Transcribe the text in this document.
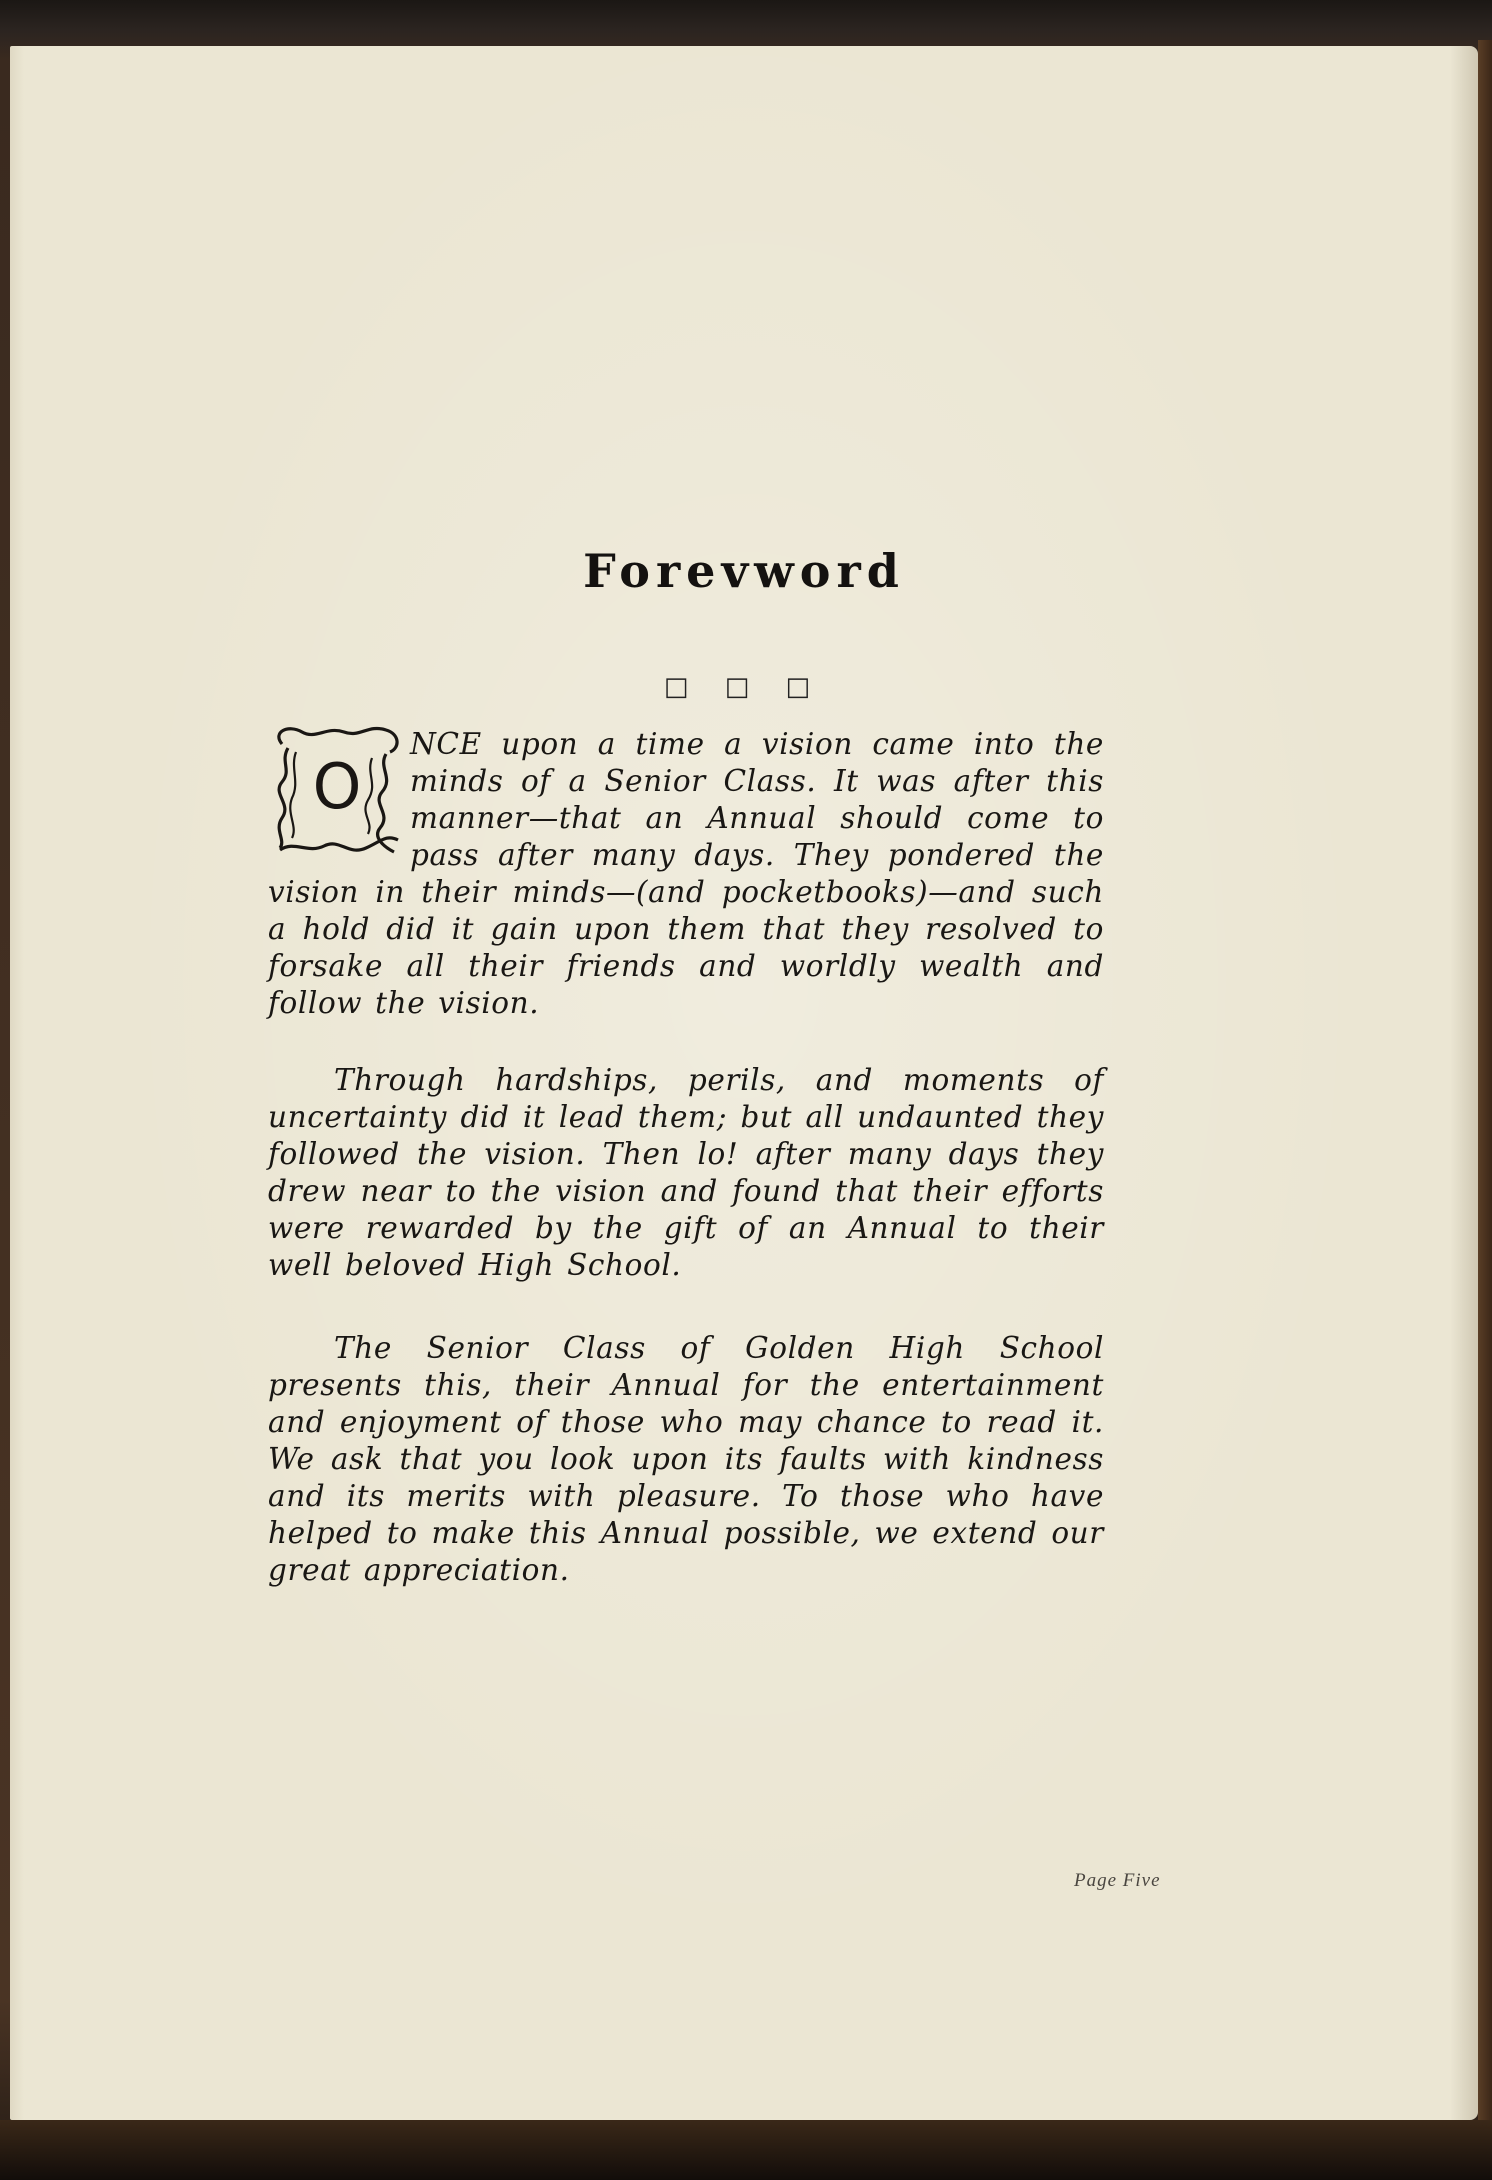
Forevword
□ □ □
O

NCE upon a time a vision came into the minds of a Senior Class. It was after this manner—that an Annual should come to pass after many days. They pondered the vision in their minds—(and pocketbooks)—and such a hold did it gain upon them that they resolved to forsake all their friends and worldly wealth and follow the vision.

Through hardships, perils, and moments of uncertainty did it lead them; but all undaunted they followed the vision. Then lo! after many days they drew near to the vision and found that their efforts were rewarded by the gift of an Annual to their well beloved High School.

The Senior Class of Golden High School presents this, their Annual for the entertainment and enjoyment of those who may chance to read it. We ask that you look upon its faults with kindness and its merits with pleasure. To those who have helped to make this Annual possible, we extend our great appreciation.

Page Five
